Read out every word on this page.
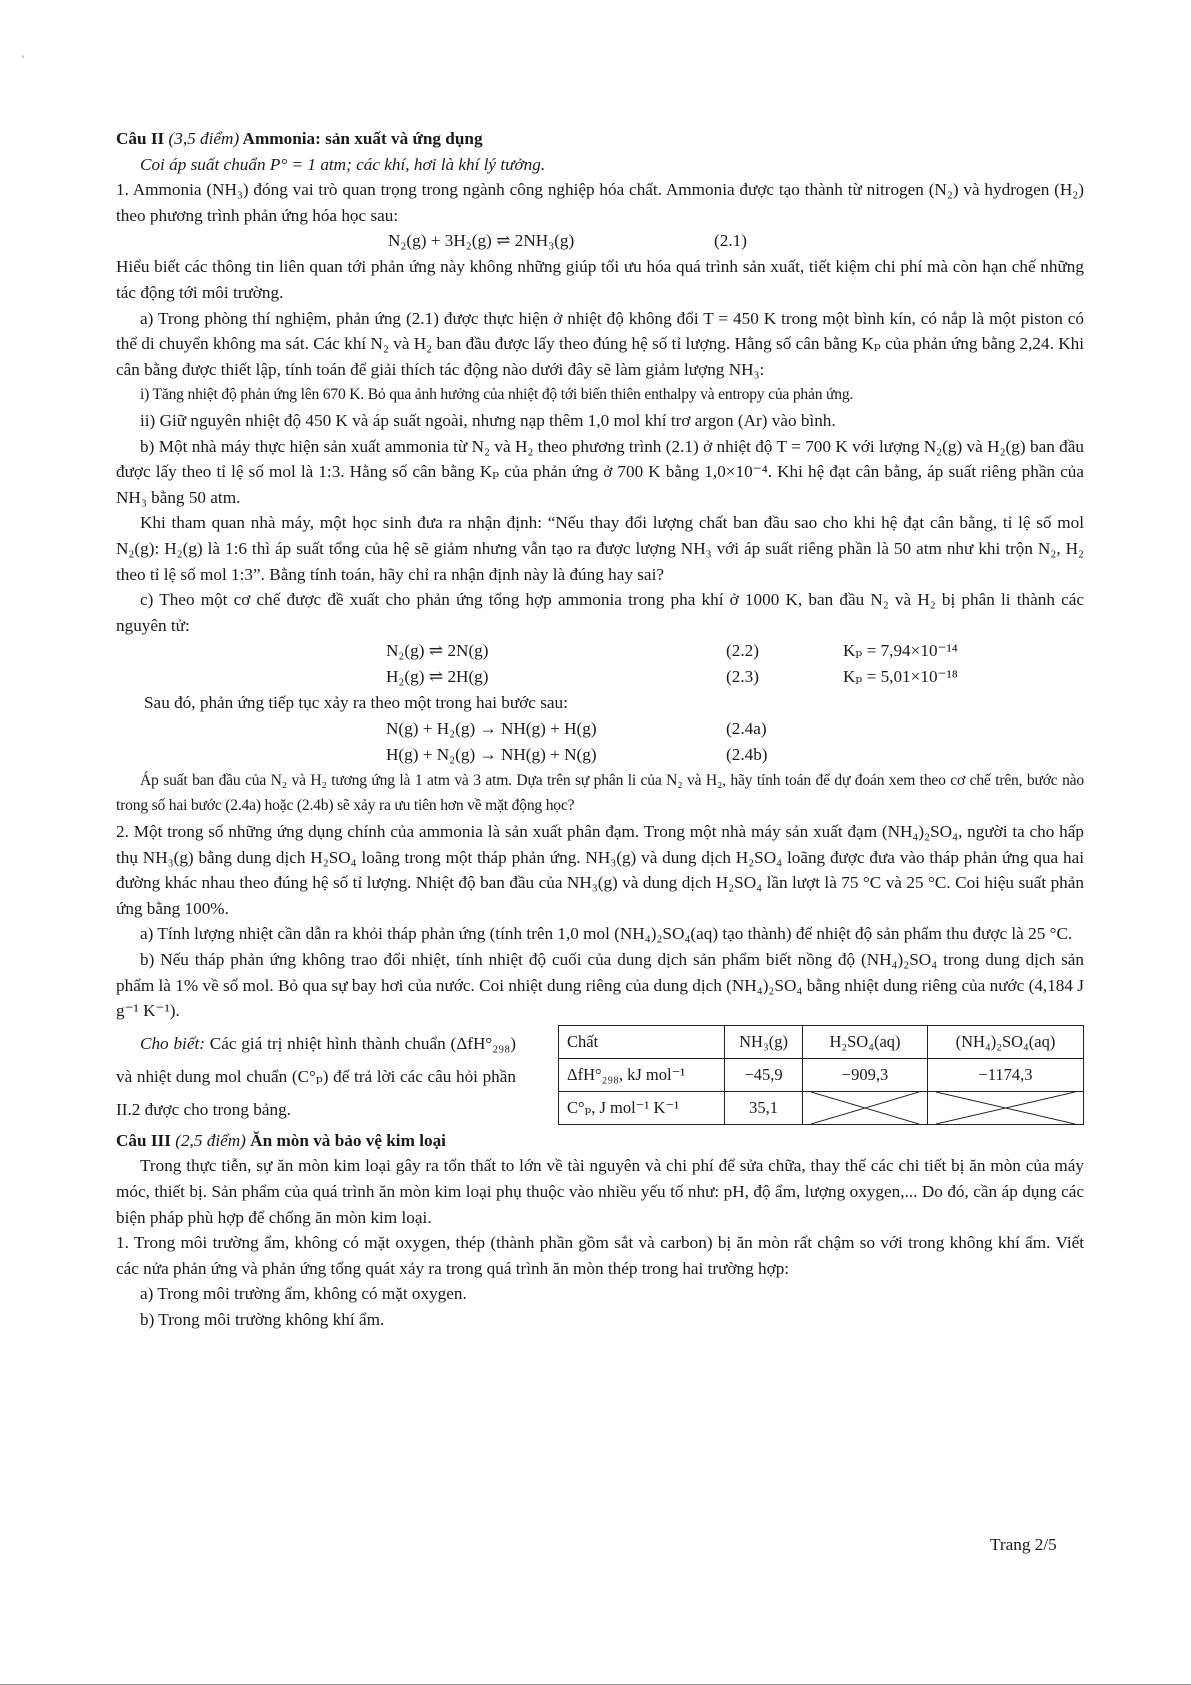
'

Câu II (3,5 điểm) Ammonia: sản xuất và ứng dụng

Coi áp suất chuẩn P° = 1 atm; các khí, hơi là khí lý tưởng.

1. Ammonia (NH₃) đóng vai trò quan trọng trong ngành công nghiệp hóa chất. Ammonia được tạo thành từ nitrogen (N₂) và hydrogen (H₂) theo phương trình phản ứng hóa học sau:

N₂(g) + 3H₂(g) ⇌ 2NH₃(g)	(2.1)

Hiểu biết các thông tin liên quan tới phản ứng này không những giúp tối ưu hóa quá trình sản xuất, tiết kiệm chi phí mà còn hạn chế những tác động tới môi trường.

a) Trong phòng thí nghiệm, phản ứng (2.1) được thực hiện ở nhiệt độ không đổi T = 450 K trong một bình kín, có nắp là một piston có thể di chuyển không ma sát. Các khí N₂ và H₂ ban đầu được lấy theo đúng hệ số tỉ lượng. Hằng số cân bằng Kₚ của phản ứng bằng 2,24. Khi cân bằng được thiết lập, tính toán để giải thích tác động nào dưới đây sẽ làm giảm lượng NH₃:

i) Tăng nhiệt độ phản ứng lên 670 K. Bỏ qua ảnh hưởng của nhiệt độ tới biến thiên enthalpy và entropy của phản ứng.

ii) Giữ nguyên nhiệt độ 450 K và áp suất ngoài, nhưng nạp thêm 1,0 mol khí trơ argon (Ar) vào bình.

b) Một nhà máy thực hiện sản xuất ammonia từ N₂ và H₂ theo phương trình (2.1) ở nhiệt độ T = 700 K với lượng N₂(g) và H₂(g) ban đầu được lấy theo tỉ lệ số mol là 1:3. Hằng số cân bằng Kₚ của phản ứng ở 700 K bằng 1,0×10⁻⁴. Khi hệ đạt cân bằng, áp suất riêng phần của NH₃ bằng 50 atm.

Khi tham quan nhà máy, một học sinh đưa ra nhận định: “Nếu thay đổi lượng chất ban đầu sao cho khi hệ đạt cân bằng, tỉ lệ số mol N₂(g): H₂(g) là 1:6 thì áp suất tổng của hệ sẽ giảm nhưng vẫn tạo ra được lượng NH₃ với áp suất riêng phần là 50 atm như khi trộn N₂, H₂ theo tỉ lệ số mol 1:3”. Bằng tính toán, hãy chỉ ra nhận định này là đúng hay sai?

c) Theo một cơ chế được đề xuất cho phản ứng tổng hợp ammonia trong pha khí ở 1000 K, ban đầu N₂ và H₂ bị phân li thành các nguyên tử:

N₂(g) ⇌ 2N(g)	(2.2)	Kₚ = 7,94×10⁻¹⁴
H₂(g) ⇌ 2H(g)	(2.3)	Kₚ = 5,01×10⁻¹⁸

Sau đó, phản ứng tiếp tục xảy ra theo một trong hai bước sau:

N(g) + H₂(g) → NH(g) + H(g)	(2.4a)
H(g) + N₂(g) → NH(g) + N(g)	(2.4b)

Áp suất ban đầu của N₂ và H₂ tương ứng là 1 atm và 3 atm. Dựa trên sự phân li của N₂ và H₂, hãy tính toán để dự đoán xem theo cơ chế trên, bước nào trong số hai bước (2.4a) hoặc (2.4b) sẽ xảy ra ưu tiên hơn về mặt động học?

2. Một trong số những ứng dụng chính của ammonia là sản xuất phân đạm. Trong một nhà máy sản xuất đạm (NH₄)₂SO₄, người ta cho hấp thụ NH₃(g) bằng dung dịch H₂SO₄ loãng trong một tháp phản ứng. NH₃(g) và dung dịch H₂SO₄ loãng được đưa vào tháp phản ứng qua hai đường khác nhau theo đúng hệ số tỉ lượng. Nhiệt độ ban đầu của NH₃(g) và dung dịch H₂SO₄ lần lượt là 75 °C và 25 °C. Coi hiệu suất phản ứng bằng 100%.

a) Tính lượng nhiệt cần dẫn ra khỏi tháp phản ứng (tính trên 1,0 mol (NH₄)₂SO₄(aq) tạo thành) để nhiệt độ sản phẩm thu được là 25 °C.

b) Nếu tháp phản ứng không trao đổi nhiệt, tính nhiệt độ cuối của dung dịch sản phẩm biết nồng độ (NH₄)₂SO₄ trong dung dịch sản phẩm là 1% về số mol. Bỏ qua sự bay hơi của nước. Coi nhiệt dung riêng của dung dịch (NH₄)₂SO₄ bằng nhiệt dung riêng của nước (4,184 J g⁻¹ K⁻¹).

Cho biết: Các giá trị nhiệt hình thành chuẩn (ΔfH°₂₉₈) và nhiệt dung mol chuẩn (C°ₚ) để trả lời các câu hỏi phần II.2 được cho trong bảng.

Chất	NH₃(g)	H₂SO₄(aq)	(NH₄)₂SO₄(aq)
ΔfH°₂₉₈, kJ mol⁻¹	−45,9	−909,3	−1174,3
C°ₚ, J mol⁻¹ K⁻¹	35,1	

Câu III (2,5 điểm) Ăn mòn và bảo vệ kim loại

Trong thực tiễn, sự ăn mòn kim loại gây ra tổn thất to lớn về tài nguyên và chi phí để sửa chữa, thay thế các chi tiết bị ăn mòn của máy móc, thiết bị. Sản phẩm của quá trình ăn mòn kim loại phụ thuộc vào nhiều yếu tố như: pH, độ ẩm, lượng oxygen,... Do đó, cần áp dụng các biện pháp phù hợp để chống ăn mòn kim loại.

1. Trong môi trường ẩm, không có mặt oxygen, thép (thành phần gồm sắt và carbon) bị ăn mòn rất chậm so với trong không khí ẩm. Viết các nửa phản ứng và phản ứng tổng quát xảy ra trong quá trình ăn mòn thép trong hai trường hợp:

a) Trong môi trường ẩm, không có mặt oxygen.

b) Trong môi trường không khí ẩm.

Trang 2/5
